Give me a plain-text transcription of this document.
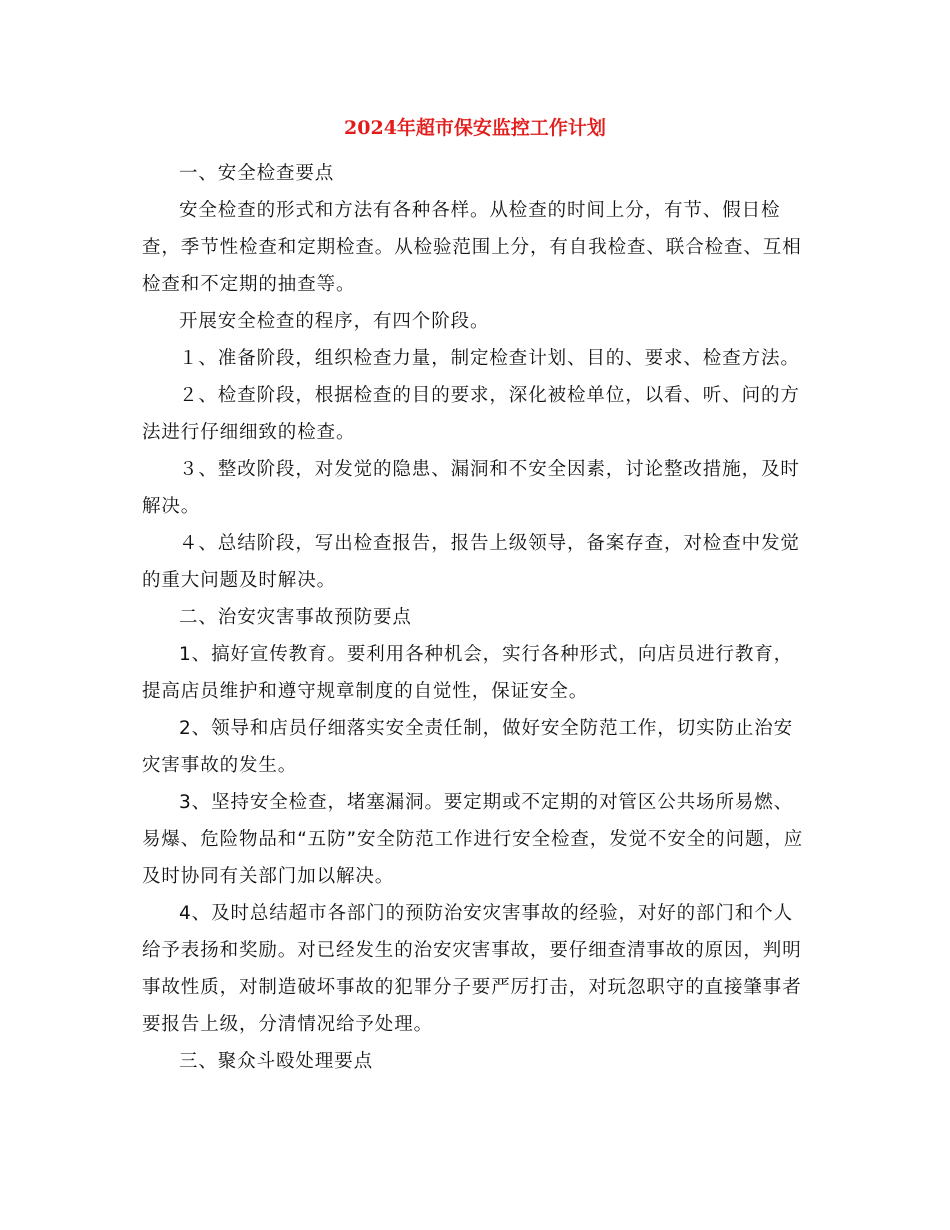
2024年超市保安监控工作计划

一、安全检查要点

安全检查的形式和方法有各种各样。从检查的时间上分，有节、假日检查，季节性检查和定期检查。从检验范围上分，有自我检查、联合检查、互相检查和不定期的抽查等。

开展安全检查的程序，有四个阶段。

１、准备阶段，组织检查力量，制定检查计划、目的、要求、检查方法。

２、检查阶段，根据检查的目的要求，深化被检单位，以看、听、问的方法进行仔细细致的检查。

３、整改阶段，对发觉的隐患、漏洞和不安全因素，讨论整改措施，及时解决。

４、总结阶段，写出检查报告，报告上级领导，备案存查，对检查中发觉的重大问题及时解决。

二、治安灾害事故预防要点

1、搞好宣传教育。要利用各种机会，实行各种形式，向店员进行教育，提高店员维护和遵守规章制度的自觉性，保证安全。

2、领导和店员仔细落实安全责任制，做好安全防范工作，切实防止治安灾害事故的发生。

3、坚持安全检查，堵塞漏洞。要定期或不定期的对管区公共场所易燃、易爆、危险物品和“五防”安全防范工作进行安全检查，发觉不安全的问题，应及时协同有关部门加以解决。

4、及时总结超市各部门的预防治安灾害事故的经验，对好的部门和个人给予表扬和奖励。对已经发生的治安灾害事故，要仔细查清事故的原因，判明事故性质，对制造破坏事故的犯罪分子要严厉打击，对玩忽职守的直接肇事者要报告上级，分清情况给予处理。

三、聚众斗殴处理要点
